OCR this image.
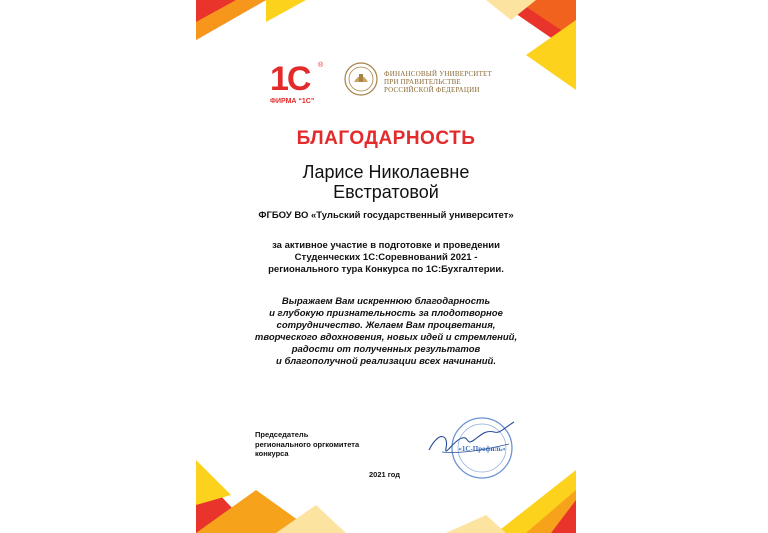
1С ®
ФИРМА “1С”
ФИНАНСОВЫЙ УНИВЕРСИТЕТ
ПРИ ПРАВИТЕЛЬСТВЕ
РОССИЙСКОЙ ФЕДЕРАЦИИ
БЛАГОДАРНОСТЬ
Ларисе Николаевне
Евстратовой
ФГБОУ ВО «Тульский государственный университет»
за активное участие в подготовке и проведении
Студенческих 1С:Соревнований 2021 -
регионального тура Конкурса по 1С:Бухгалтерии.
Выражаем Вам искреннюю благодарность
и глубокую признательность за плодотворное
сотрудничество. Желаем Вам процветания,
творческого вдохновения, новых идей и стремлений,
радости от полученных результатов
и благополучной реализации всех начинаний.
Председатель
регионального оргкомитета
конкурса	«1С-Профиль»
2021 год
